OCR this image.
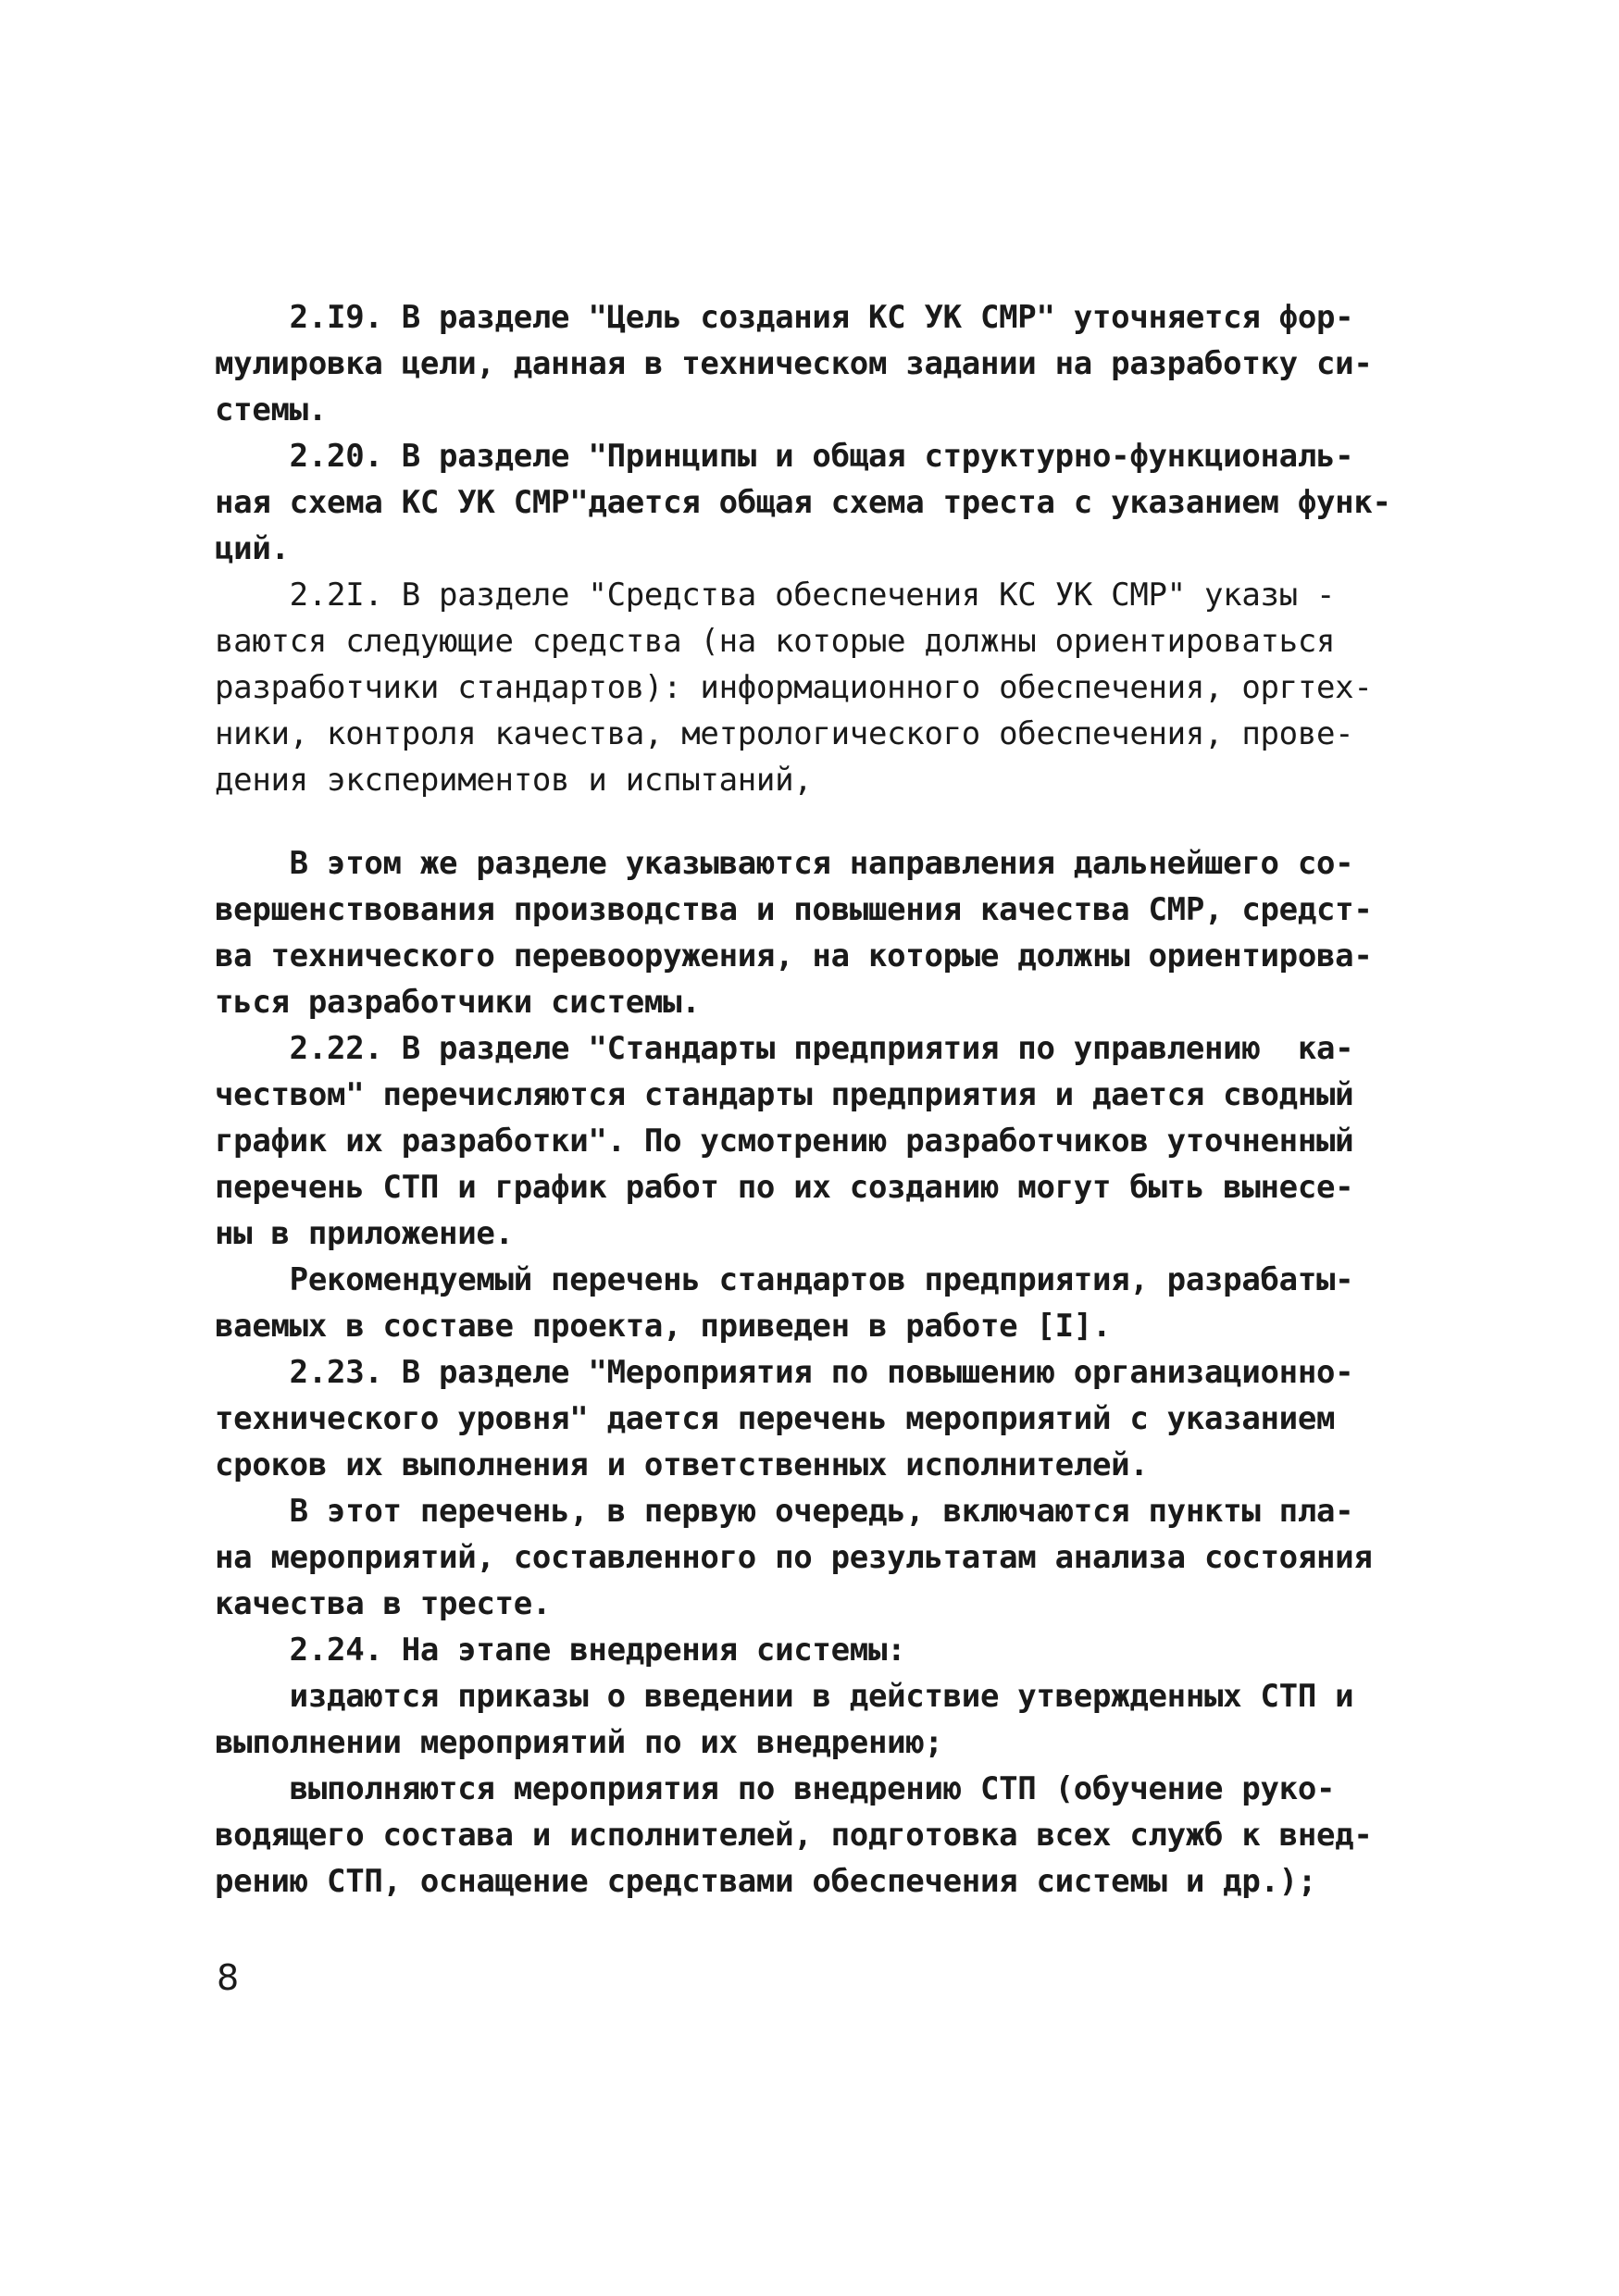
2.I9. В разделе "Цель создания КС УК СМР" уточняется фор-
мулировка цели, данная в техническом задании на разработку си-
стемы.
2.20. В разделе "Принципы и общая структурно-функциональ-
ная схема КС УК СМР"дается общая схема треста с указанием функ-
ций.
2.2I. В разделе "Средства обеспечения КС УК СМР" указы -
ваются следующие средства (на которые должны ориентироваться
разработчики стандартов): информационного обеспечения, оргтех-
ники, контроля качества, метрологического обеспечения, прове-
дения экспериментов и испытаний,
В этом же разделе указываются направления дальнейшего со-
вершенствования производства и повышения качества СМР, средст-
ва технического перевооружения, на которые должны ориентирова-
ться разработчики системы.
2.22. В разделе "Стандарты предприятия по управлению  ка-
чеством" перечисляются стандарты предприятия и дается сводный
график их разработки". По усмотрению разработчиков уточненный
перечень СТП и график работ по их созданию могут быть вынесе-
ны в приложение.
Рекомендуемый перечень стандартов предприятия, разрабаты-
ваемых в составе проекта, приведен в работе [I].
2.23. В разделе "Мероприятия по повышению организационно-
технического уровня" дается перечень мероприятий с указанием
сроков их выполнения и ответственных исполнителей.
В этот перечень, в первую очередь, включаются пункты пла-
на мероприятий, составленного по результатам анализа состояния
качества в тресте.
2.24. На этапе внедрения системы:
издаются приказы о введении в действие утвержденных СТП и
выполнении мероприятий по их внедрению;
выполняются мероприятия по внедрению СТП (обучение руко-
водящего состава и исполнителей, подготовка всех служб к внед-
рению СТП, оснащение средствами обеспечения системы и др.);
8
